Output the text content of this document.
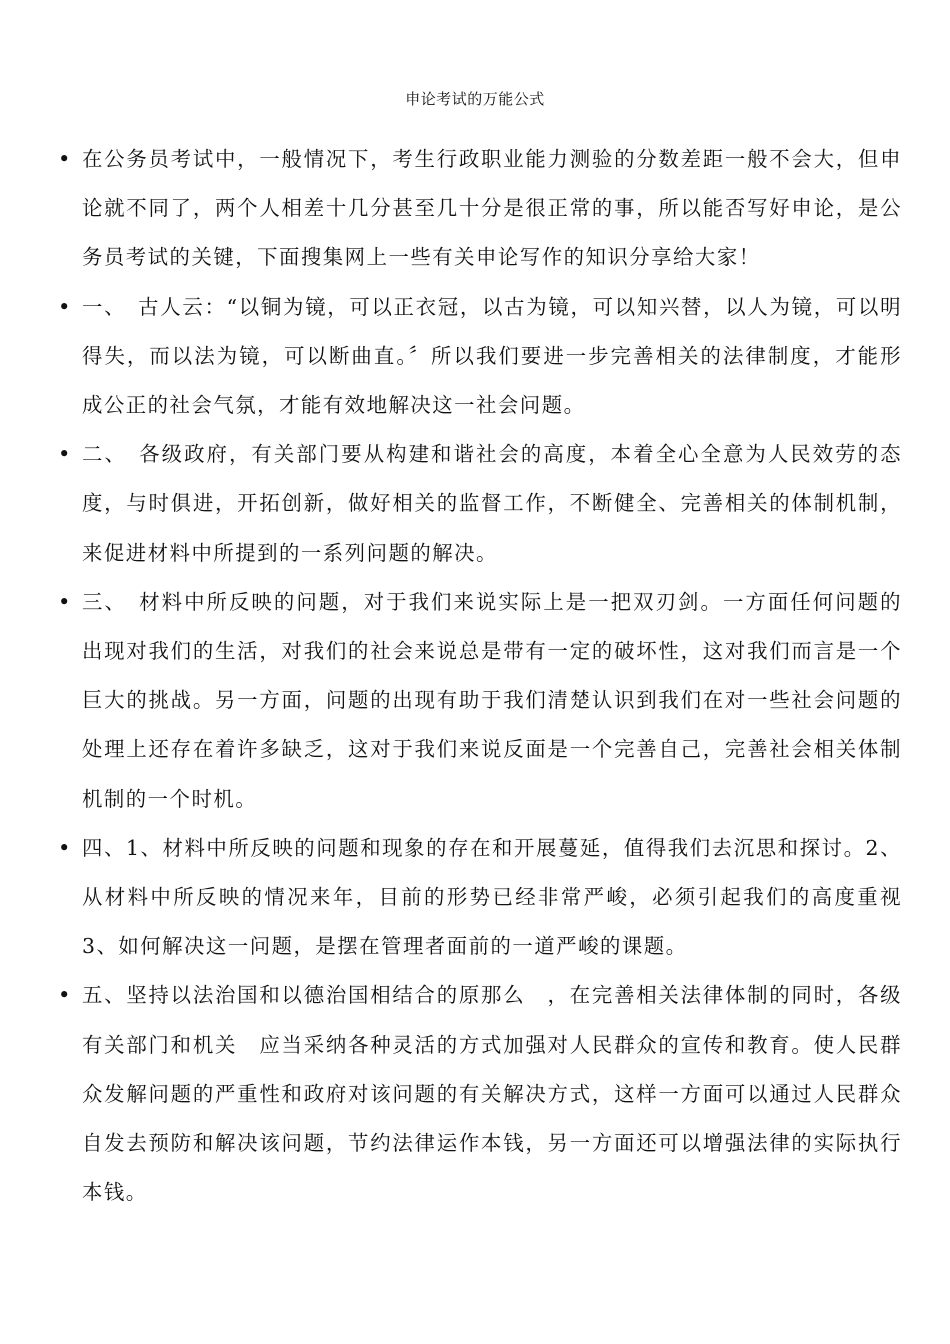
申论考试的万能公式
• 在公务员考试中，一般情况下，考生行政职业能力测验的分数差距一般不会大，但申论就不同了，两个人相差十几分甚至几十分是很正常的事，所以能否写好申论，是公务员考试的关键，下面搜集网上一些有关申论写作的知识分享给大家！
• 一、　古人云：“以铜为镜，可以正衣冠，以古为镜，可以知兴替，以人为镜，可以明得失，而以法为镜，可以断曲直。〞所以我们要进一步完善相关的法律制度，才能形成公正的社会气氛，才能有效地解决这一社会问题。
• 二、　各级政府，有关部门要从构建和谐社会的高度，本着全心全意为人民效劳的态度，与时俱进，开拓创新，做好相关的监督工作，不断健全、完善相关的体制机制，来促进材料中所提到的一系列问题的解决。
• 三、　材料中所反映的问题，对于我们来说实际上是一把双刃剑。一方面任何问题的出现对我们的生活，对我们的社会来说总是带有一定的破坏性，这对我们而言是一个巨大的挑战。另一方面，问题的出现有助于我们清楚认识到我们在对一些社会问题的处理上还存在着许多缺乏，这对于我们来说反面是一个完善自己，完善社会相关体制机制的一个时机。
• 四、1、材料中所反映的问题和现象的存在和开展蔓延，值得我们去沉思和探讨。2、从材料中所反映的情况来年，目前的形势已经非常严峻，必须引起我们的高度重视 3、如何解决这一问题，是摆在管理者面前的一道严峻的课题。
• 五、坚持以法治国和以德治国相结合的原那么　，在完善相关法律体制的同时，各级有关部门和机关　应当采纳各种灵活的方式加强对人民群众的宣传和教育。使人民群众发解问题的严重性和政府对该问题的有关解决方式，这样一方面可以通过人民群众自发去预防和解决该问题，节约法律运作本钱，另一方面还可以增强法律的实际执行本钱。
